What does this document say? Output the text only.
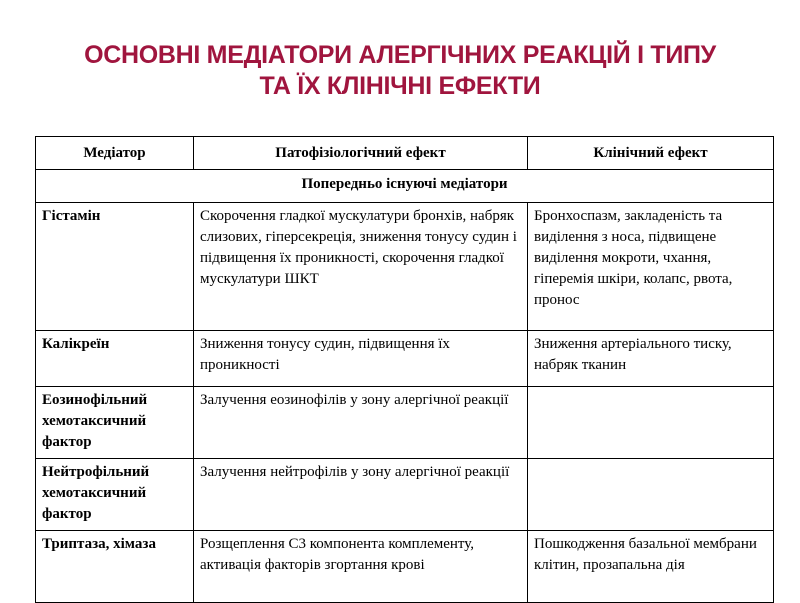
ОСНОВНІ МЕДІАТОРИ АЛЕРГІЧНИХ РЕАКЦІЙ І ТИПУ
ТА ЇХ КЛІНІЧНІ ЕФЕКТИ
Медіатор	Патофізіологічний ефект	Клінічний ефект
Попередньо існуючі медіатори		
Гістамін	Скорочення гладкої мускулатури бронхів, набряк слизових, гіперсекреція, зниження тонусу судин і підвищення їх проникності, скорочення гладкої мускулатури ШКТ	Бронхоспазм, закладеність та виділення з носа, підвищене виділення мокроти, чхання, гіперемія шкіри, колапс, рвота, пронос
Калікреїн	Зниження тонусу судин, підвищення їх проникності	Зниження артеріального тиску, набряк тканин
Еозинофільний хемотаксичний фактор	Залучення еозинофілів у зону алергічної реакції	
Нейтрофільний хемотаксичний фактор	Залучення нейтрофілів у зону алергічної реакції	
Триптаза, хімаза	Розщеплення С3 компонента комплементу, активація факторів згортання крові	Пошкодження базальної мембрани клітин, прозапальна дія
